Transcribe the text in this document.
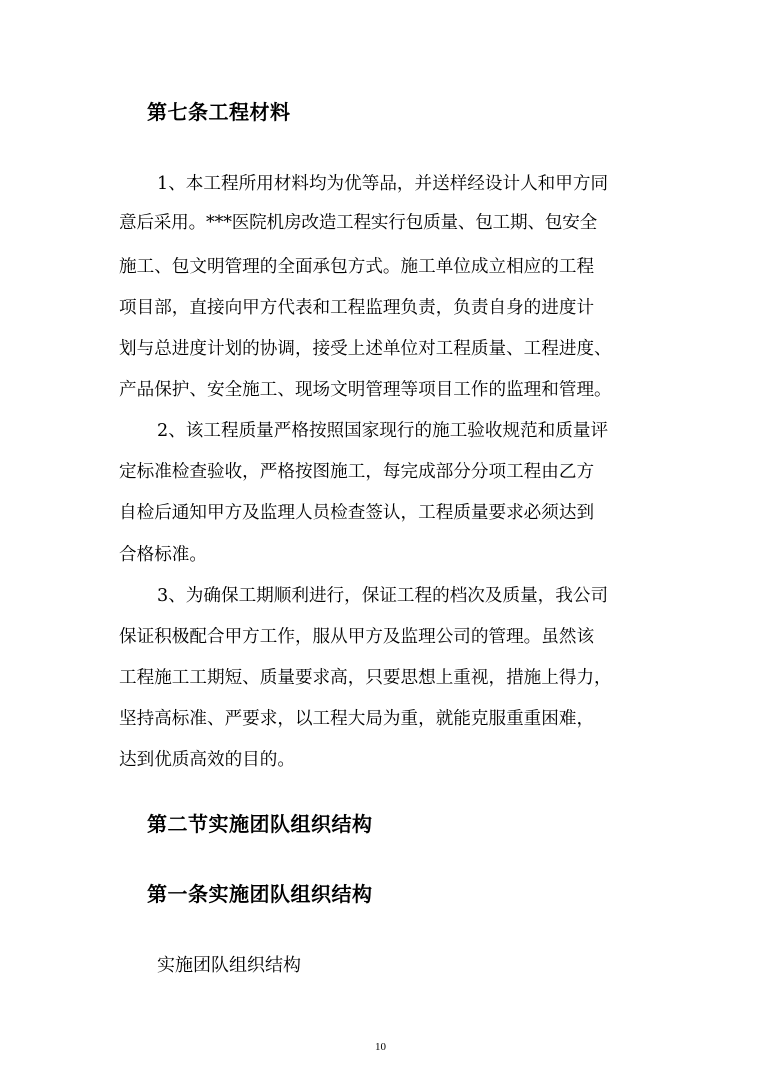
第七条工程材料
1、本工程所用材料均为优等品，并送样经设计人和甲方同
意后采用。***医院机房改造工程实行包质量、包工期、包安全
施工、包文明管理的全面承包方式。施工单位成立相应的工程
项目部，直接向甲方代表和工程监理负责，负责自身的进度计
划与总进度计划的协调，接受上述单位对工程质量、工程进度、
产品保护、安全施工、现场文明管理等项目工作的监理和管理。
2、该工程质量严格按照国家现行的施工验收规范和质量评
定标准检查验收，严格按图施工，每完成部分分项工程由乙方
自检后通知甲方及监理人员检查签认，工程质量要求必须达到
合格标准。
3、为确保工期顺利进行，保证工程的档次及质量，我公司
保证积极配合甲方工作，服从甲方及监理公司的管理。虽然该
工程施工工期短、质量要求高，只要思想上重视，措施上得力，
坚持高标准、严要求，以工程大局为重，就能克服重重困难，
达到优质高效的目的。
第二节实施团队组织结构
第一条实施团队组织结构
实施团队组织结构
10
